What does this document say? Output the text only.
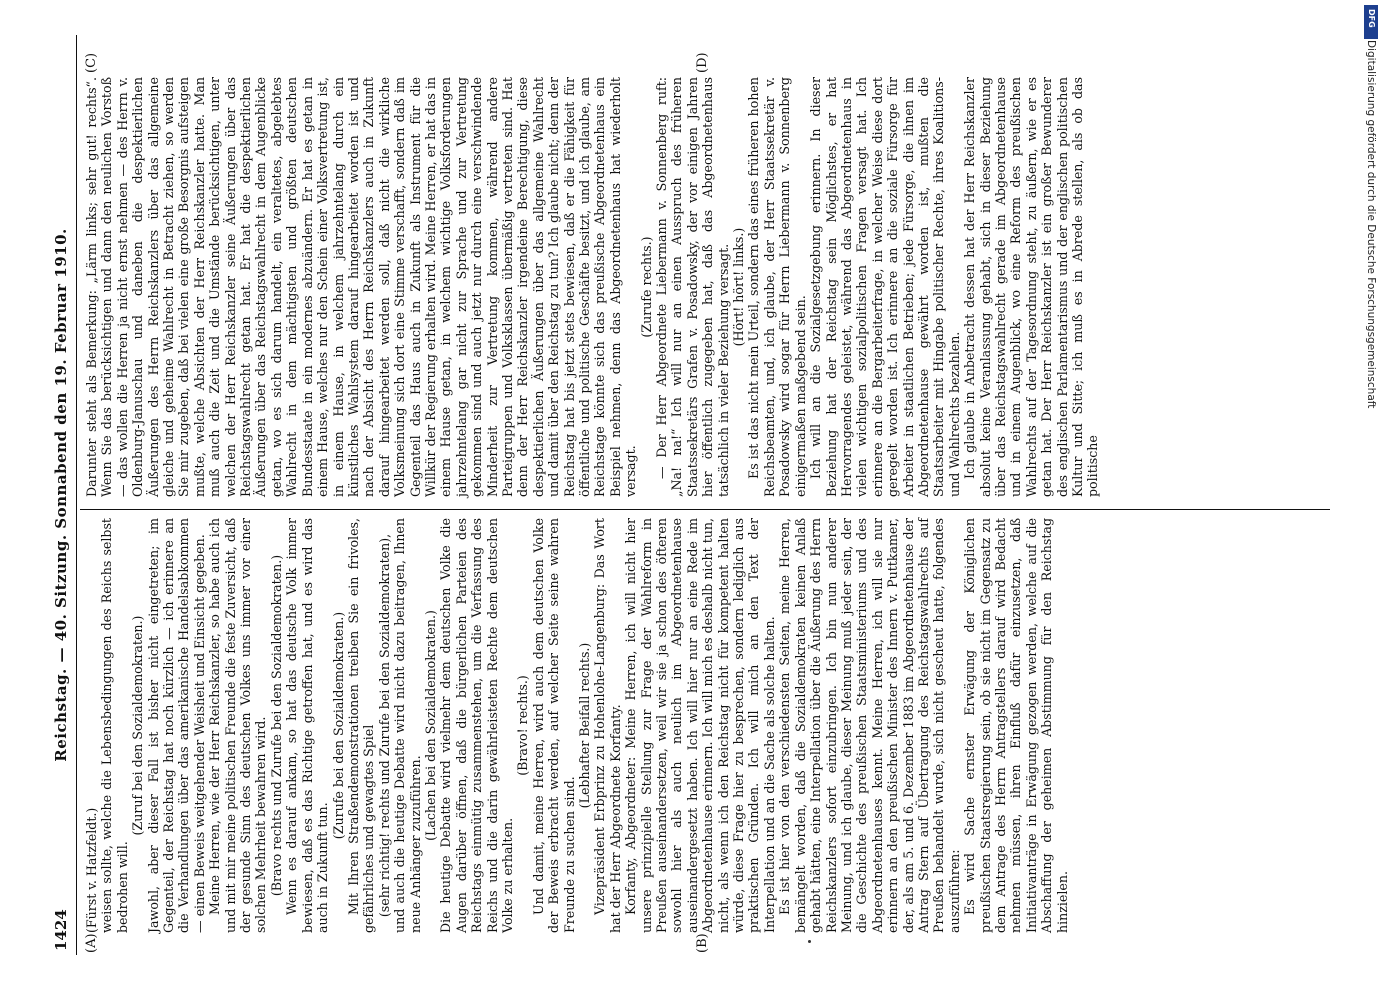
DFG
Digitalisierung gefördert durch die Deutsche Forschungsgemeinschaft
1424
Reichstag. — 40. Sitzung. Sonnabend den 19. Februar 1910.
(A)	(B)
(C)	(D)

(Fürst v. Hatzfeldt.) weisen sollte, welche die Lebensbedingungen des Reichs selbst bedrohen will.

(Zuruf bei den Sozialdemokraten.) Jawohl, aber dieser Fall ist bisher nicht eingetreten; im Gegenteil, der Reichstag hat noch kürzlich — ich erinnere an die Verhandlungen über das amerikanische Handelsabkommen — einen Beweis weitgehender Weisheit und Einsicht gegeben. Meine Herren, wie der Herr Reichskanzler, so habe auch ich und mit mir meine politischen Freunde die feste Zuversicht, daß der gesunde Sinn des deutschen Volkes uns immer vor einer solchen Mehrheit bewahren wird. (Bravo rechts und Zurufe bei den Sozialdemokraten.) Wenn es darauf ankam, so hat das deutsche Volk immer bewiesen, daß es das Richtige getroffen hat, und es wird das auch in Zukunft tun.

(Zurufe bei den Sozialdemokraten.) Mit Ihren Straßendemonstrationen treiben Sie ein frivoles, gefährliches und gewagtes Spiel (sehr richtig! rechts und Zurufe bei den Sozialdemokraten), und auch die heutige Debatte wird nicht dazu beitragen, Ihnen neue Anhänger zuzuführen.

(Lachen bei den Sozialdemokraten.) Die heutige Debatte wird vielmehr dem deutschen Volke die Augen darüber öffnen, daß die bürgerlichen Parteien des Reichstags einmütig zusammenstehen, um die Verfassung des Reichs und die darin gewährleisteten Rechte dem deutschen Volke zu erhalten.

(Bravo! rechts.) Und damit, meine Herren, wird auch dem deutschen Volke der Beweis erbracht werden, auf welcher Seite seine wahren Freunde zu suchen sind.

(Lebhafter Beifall rechts.) Vizepräsident Erbprinz zu Hohenlohe-Langenburg: Das Wort hat der Herr Abgeordnete Korfanty. Korfanty, Abgeordneter: Meine Herren, ich will nicht hier unsere prinzipielle Stellung zur Frage der Wahlreform in Preußen auseinandersetzen, weil wir sie ja schon des öfteren sowohl hier als auch neulich im Abgeordnetenhause auseinandergesetzt haben. Ich will hier nur an eine Rede im Abgeordnetenhause erinnern. Ich will mich es deshalb nicht tun, nicht, als wenn ich den Reichstag nicht für kompetent halten würde, diese Frage hier zu besprechen, sondern lediglich aus praktischen Gründen. Ich will mich an den Text der Interpellation und an die Sache als solche halten. Es ist hier von den verschiedensten Seiten, meine Herren, bemängelt worden, daß die Sozialdemokraten keinen Anlaß gehabt hätten, eine Interpellation über die Äußerung des Herrn Reichskanzlers sofort einzubringen. Ich bin nun anderer Meinung, und ich glaube, dieser Meinung muß jeder sein, der die Geschichte des preußischen Staatsministeriums und des Abgeordnetenhauses kennt. Meine Herren, ich will sie nur erinnern an den preußischen Minister des Innern v. Puttkamer, der, als am 5. und 6. Dezember 1883 im Abgeordnetenhause der Antrag Stern auf Übertragung des Reichstagswahlrechts auf Preußen behandelt wurde, sich nicht gescheut hatte, folgendes auszuführen: Es wird Sache ernster Erwägung der Königlichen preußischen Staatsregierung sein, ob sie nicht im Gegensatz zu dem Antrage des Herrn Antragstellers darauf wird Bedacht nehmen müssen, ihren Einfluß dafür einzusetzen, daß Initiativanträge in Erwägung gezogen werden, welche auf die Abschaffung der geheimen Abstimmung für den Reichstag hinzielen.

Darunter steht als Bemerkung: „Lärm links; sehr gut! rechts“. Wenn Sie das berücksichtigen und dann den neulichen Vorstoß — das wollen die Herren ja nicht ernst nehmen — des Herrn v. Oldenburg-Januschau und daneben die despektierlichen Äußerungen des Herrn Reichskanzlers über das allgemeine gleiche und geheime Wahlrecht in Betracht ziehen, so werden Sie mir zugeben, daß bei vielen eine große Besorgnis aufsteigen mußte, welche Absichten der Herr Reichskanzler hatte. Man muß auch die Zeit und die Umstände berücksichtigen, unter welchen der Herr Reichskanzler seine Äußerungen über das Reichstagswahlrecht getan hat. Er hat die despektierlichen Äußerungen über das Reichstagswahlrecht in dem Augenblicke getan, wo es sich darum handelt, ein veraltetes, abgelebtes Wahlrecht in dem mächtigsten und größten deutschen Bundesstaate in ein modernes abzuändern. Er hat es getan in einem Hause, welches nur den Schein einer Volksvertretung ist, in einem Hause, in welchem jahrzehntelang durch ein künstliches Wahlsystem darauf hingearbeitet worden ist und nach der Absicht des Herrn Reichskanzlers auch in Zukunft darauf hingearbeitet werden soll, daß nicht die wirkliche Volksmeinung sich dort eine Stimme verschafft, sondern daß im Gegenteil das Haus auch in Zukunft als Instrument für die Willkür der Regierung erhalten wird. Meine Herren, er hat das in einem Hause getan, in welchem wichtige Volksforderungen jahrzehntelang gar nicht zur Sprache und zur Vertretung gekommen sind und auch jetzt nur durch eine verschwindende Minderheit zur Vertretung kommen, während andere Parteigruppen und Volksklassen übermäßig vertreten sind. Hat denn der Herr Reichskanzler irgendeine Berechtigung, diese despektierlichen Äußerungen über das allgemeine Wahlrecht und damit über den Reichstag zu tun? Ich glaube nicht; denn der Reichstag hat bis jetzt stets bewiesen, daß er die Fähigkeit für öffentliche und politische Geschäfte besitzt, und ich glaube, am Reichstage könnte sich das preußische Abgeordnetenhaus ein Beispiel nehmen, denn das Abgeordnetenhaus hat wiederholt versagt.

(Zurufe rechts.) — Der Herr Abgeordnete Liebermann v. Sonnenberg ruft: „Na! na!“ Ich will nur an einen Ausspruch des früheren Staatssekretärs Grafen v. Posadowsky, der vor einigen Jahren hier öffentlich zugegeben hat, daß das Abgeordnetenhaus tatsächlich in vieler Beziehung versagt. (Hört! hört! links.) Es ist das nicht mein Urteil, sondern das eines früheren hohen Reichsbeamten, und, ich glaube, der Herr Staatssekretär v. Posadowsky wird sogar für Herrn Liebermann v. Sonnenberg einigermaßen maßgebend sein. Ich will an die Sozialgesetzgebung erinnern. In dieser Beziehung hat der Reichstag sein Möglichstes, er hat Hervorragendes geleistet, während das Abgeordnetenhaus in vielen wichtigen sozialpolitischen Fragen versagt hat. Ich erinnere an die Bergarbeiterfrage, in welcher Weise diese dort geregelt worden ist. Ich erinnere an die soziale Fürsorge für Arbeiter in staatlichen Betrieben; jede Fürsorge, die ihnen im Abgeordnetenhause gewährt worden ist, mußten die Staatsarbeiter mit Hingabe politischer Rechte, ihres Koalitions- und Wahlrechts bezahlen. Ich glaube in Anbetracht dessen hat der Herr Reichskanzler absolut keine Veranlassung gehabt, sich in dieser Beziehung über das Reichstagswahlrecht gerade im Abgeordnetenhause und in einem Augenblick, wo eine Reform des preußischen Wahlrechts auf der Tagesordnung steht, zu äußern, wie er es getan hat. Der Herr Reichskanzler ist ein großer Bewunderer des englischen Parlamentarismus und der englischen politischen Kultur und Sitte; ich muß es in Abrede stellen, als ob das politische
